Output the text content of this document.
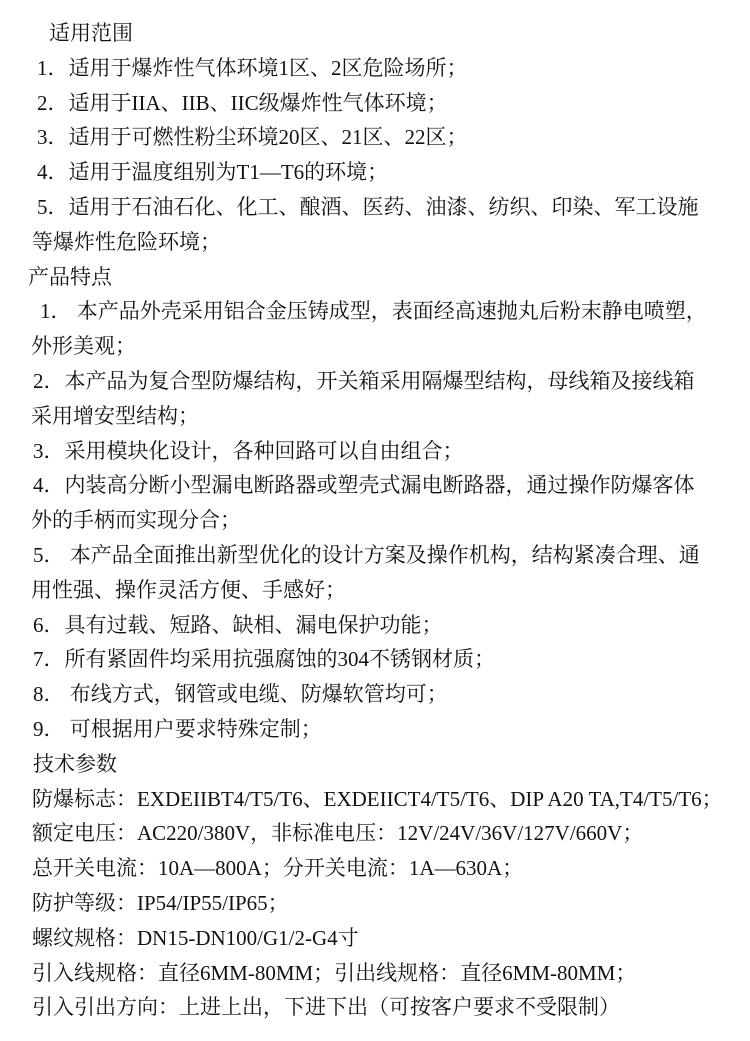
适用范围

1．适用于爆炸性气体环境1区、2区危险场所；

2．适用于IIA、IIB、IIC级爆炸性气体环境；

3．适用于可燃性粉尘环境20区、21区、22区；

4．适用于温度组别为T1—T6的环境；

5．适用于石油石化、化工、酿酒、医药、油漆、纺织、印染、军工设施等爆炸性危险环境；

产品特点

1． 本产品外壳采用铝合金压铸成型，表面经高速抛丸后粉末静电喷塑，外形美观；

2．本产品为复合型防爆结构，开关箱采用隔爆型结构，母线箱及接线箱采用增安型结构；

3．采用模块化设计，各种回路可以自由组合；

4．内装高分断小型漏电断路器或塑壳式漏电断路器，通过操作防爆客体外的手柄而实现分合；

5． 本产品全面推出新型优化的设计方案及操作机构，结构紧凑合理、通用性强、操作灵活方便、手感好；

6．具有过载、短路、缺相、漏电保护功能；

7．所有紧固件均采用抗强腐蚀的304不锈钢材质；

8． 布线方式，钢管或电缆、防爆软管均可；

9． 可根据用户要求特殊定制；

技术参数

防爆标志：EXDEIIBT4/T5/T6、EXDEIICT4/T5/T6、DIP A20 TA,T4/T5/T6；

额定电压：AC220/380V，非标准电压：12V/24V/36V/127V/660V；

总开关电流：10A—800A；分开关电流：1A—630A；

防护等级：IP54/IP55/IP65；

螺纹规格：DN15-DN100/G1/2-G4寸

引入线规格：直径6MM-80MM；引出线规格：直径6MM-80MM；

引入引出方向：上进上出，下进下出（可按客户要求不受限制）
